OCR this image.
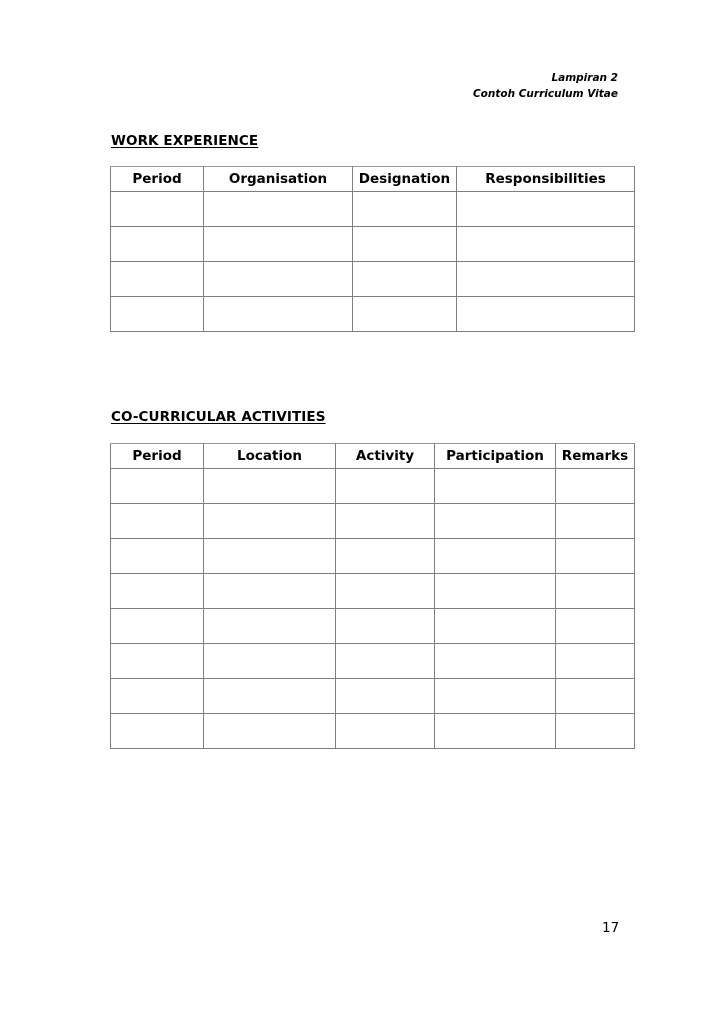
Lampiran 2
Contoh Curriculum Vitae
WORK EXPERIENCE
Period	Organisation	Designation	Responsibilities

CO-CURRICULAR ACTIVITIES
Period	Location	Activity	Participation	Remarks

17
